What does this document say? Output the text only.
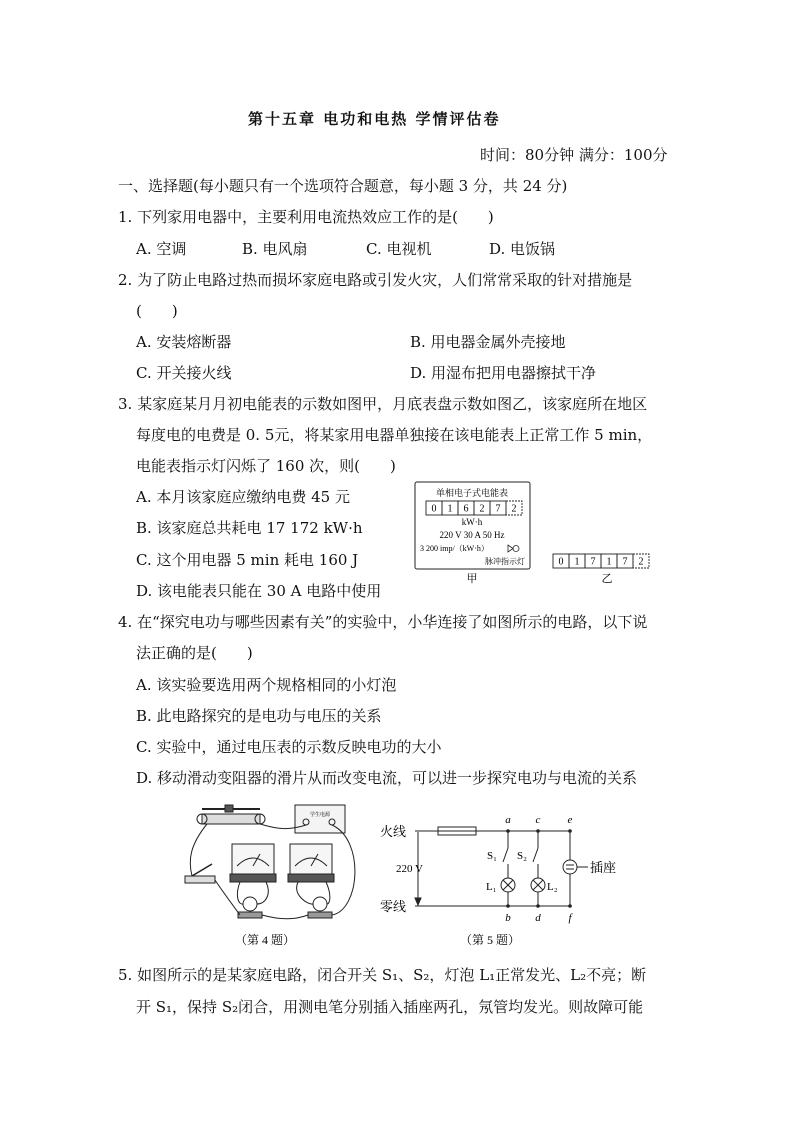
第十五章 电功和电热 学情评估卷
时间：80分钟 满分：100分
一、选择题(每小题只有一个选项符合题意，每小题 3 分，共 24 分)
1. 下列家用电器中，主要利用电流热效应工作的是(　　)
A. 空调	B. 电风扇	C. 电视机	D. 电饭锅
2. 为了防止电路过热而损坏家庭电路或引发火灾，人们常常采取的针对措施是
(　　)
A. 安装熔断器	B. 用电器金属外壳接地
C. 开关接火线	D. 用湿布把用电器擦拭干净
3. 某家庭某月月初电能表的示数如图甲，月底表盘示数如图乙，该家庭所在地区
每度电的电费是 0. 5元，将某家用电器单独接在该电能表上正常工作 5 min，
电能表指示灯闪烁了 160 次，则(　　)
A. 本月该家庭应缴纳电费 45 元
B. 该家庭总共耗电 17 172 kW·h
C. 这个用电器 5 min 耗电 160 J
D. 该电能表只能在 30 A 电路中使用
单相电子式电能表
0 1 6 2 7 2
kW·h
220 V 30 A 50 Hz
3 200 imp/（kW·h）
脉冲指示灯
甲
0 1 7 1 7 2
乙
4. 在“探究电功与哪些因素有关”的实验中，小华连接了如图所示的电路，以下说
法正确的是(　　)
A. 该实验要选用两个规格相同的小灯泡
B. 此电路探究的是电功与电压的关系
C. 实验中，通过电压表的示数反映电功的大小
D. 移动滑动变阻器的滑片从而改变电流，可以进一步探究电功与电流的关系
学生电源
（第 4 题）
火线
零线
220 V
a c e
b d	f
S₁ S₂
L₁	L₂
插座
（第 5 题）
5. 如图所示的是某家庭电路，闭合开关 S₁、S₂，灯泡 L₁正常发光、L₂不亮；断
开 S₁，保持 S₂闭合，用测电笔分别插入插座两孔，氖管均发光。则故障可能
